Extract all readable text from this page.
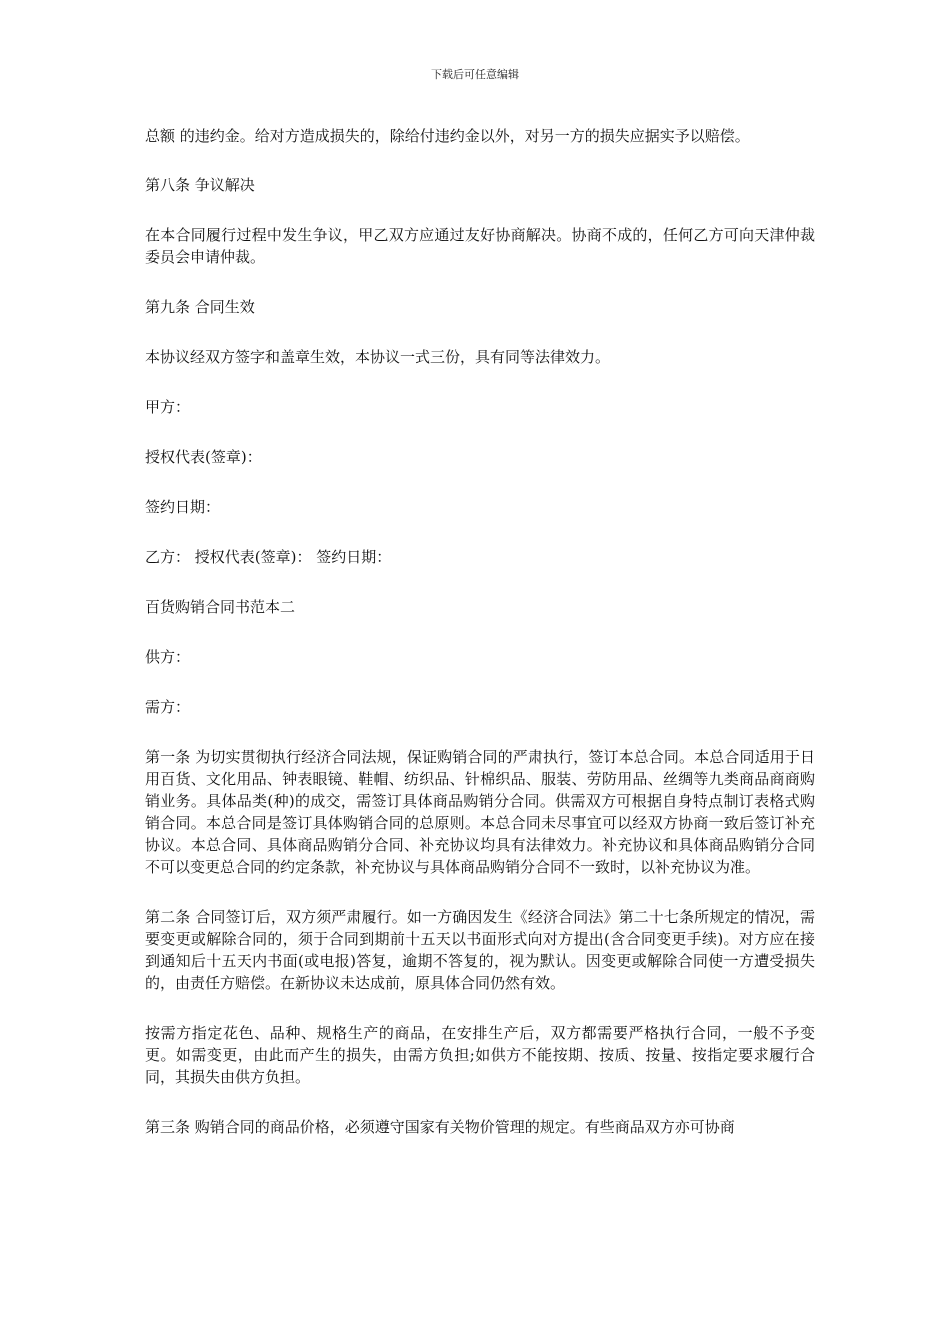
下载后可任意编辑

总额 的违约金。给对方造成损失的，除给付违约金以外，对另一方的损失应据实予以赔偿。

第八条 争议解决

在本合同履行过程中发生争议，甲乙双方应通过友好协商解决。协商不成的，任何乙方可向天津仲裁委员会申请仲裁。

第九条 合同生效

本协议经双方签字和盖章生效，本协议一式三份，具有同等法律效力。

甲方：

授权代表(签章)：

签约日期：

乙方： 授权代表(签章)： 签约日期：

百货购销合同书范本二

供方：

需方：

第一条 为切实贯彻执行经济合同法规，保证购销合同的严肃执行，签订本总合同。本总合同适用于日用百货、文化用品、钟表眼镜、鞋帽、纺织品、针棉织品、服装、劳防用品、丝绸等九类商品商商购销业务。具体品类(种)的成交，需签订具体商品购销分合同。供需双方可根据自身特点制订表格式购销合同。本总合同是签订具体购销合同的总原则。本总合同未尽事宜可以经双方协商一致后签订补充协议。本总合同、具体商品购销分合同、补充协议均具有法律效力。补充协议和具体商品购销分合同不可以变更总合同的约定条款，补充协议与具体商品购销分合同不一致时，以补充协议为准。

第二条 合同签订后，双方须严肃履行。如一方确因发生《经济合同法》第二十七条所规定的情况，需要变更或解除合同的，须于合同到期前十五天以书面形式向对方提出(含合同变更手续)。对方应在接到通知后十五天内书面(或电报)答复，逾期不答复的，视为默认。因变更或解除合同使一方遭受损失的，由责任方赔偿。在新协议未达成前，原具体合同仍然有效。

按需方指定花色、品种、规格生产的商品，在安排生产后，双方都需要严格执行合同，一般不予变更。如需变更，由此而产生的损失，由需方负担;如供方不能按期、按质、按量、按指定要求履行合同，其损失由供方负担。

第三条 购销合同的商品价格，必须遵守国家有关物价管理的规定。有些商品双方亦可协商
